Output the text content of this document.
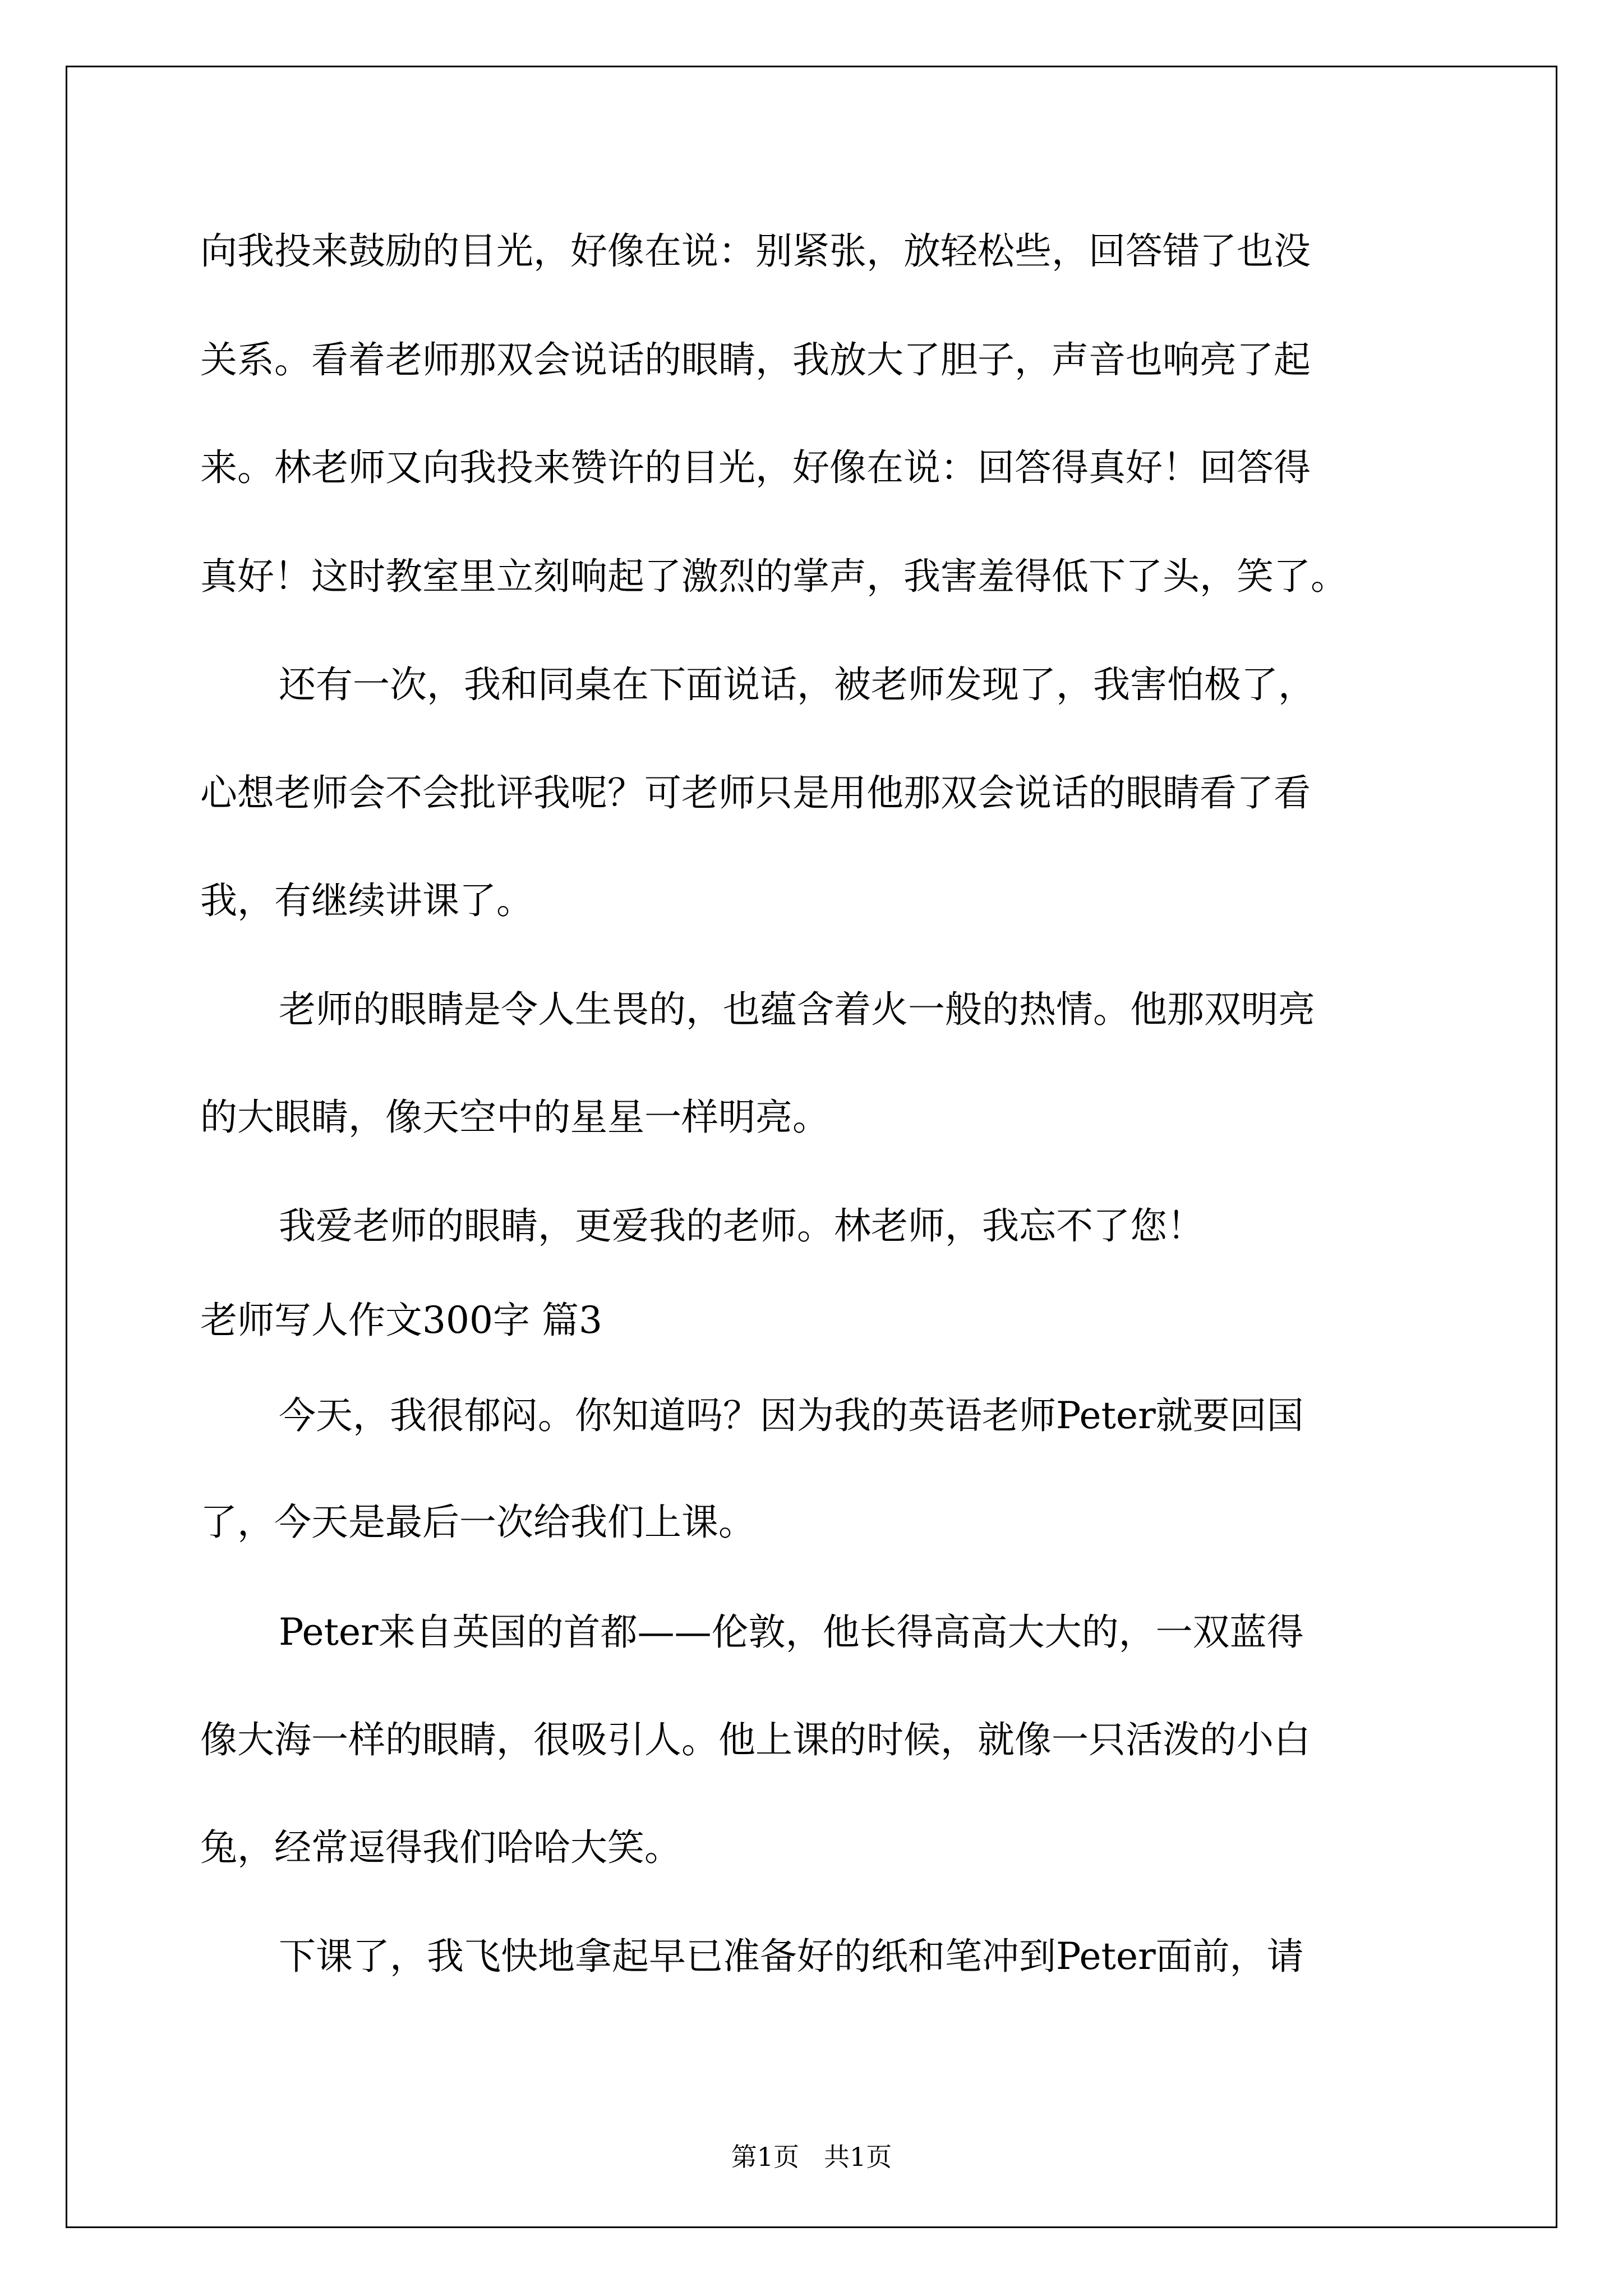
向我投来鼓励的目光，好像在说：别紧张，放轻松些，回答错了也没
关系。看着老师那双会说话的眼睛，我放大了胆子，声音也响亮了起
来。林老师又向我投来赞许的目光，好像在说：回答得真好！回答得
真好！这时教室里立刻响起了激烈的掌声，我害羞得低下了头，笑了。
还有一次，我和同桌在下面说话，被老师发现了，我害怕极了，
心想老师会不会批评我呢？可老师只是用他那双会说话的眼睛看了看
我，有继续讲课了。
老师的眼睛是令人生畏的，也蕴含着火一般的热情。他那双明亮
的大眼睛，像天空中的星星一样明亮。
我爱老师的眼睛，更爱我的老师。林老师，我忘不了您！
老师写人作文300字 篇3
今天，我很郁闷。你知道吗？因为我的英语老师Peter就要回国
了，今天是最后一次给我们上课。
Peter来自英国的首都——伦敦，他长得高高大大的，一双蓝得
像大海一样的眼睛，很吸引人。他上课的时候，就像一只活泼的小白
兔，经常逗得我们哈哈大笑。
下课了，我飞快地拿起早已准备好的纸和笔冲到Peter面前，请
第1页 共1页
